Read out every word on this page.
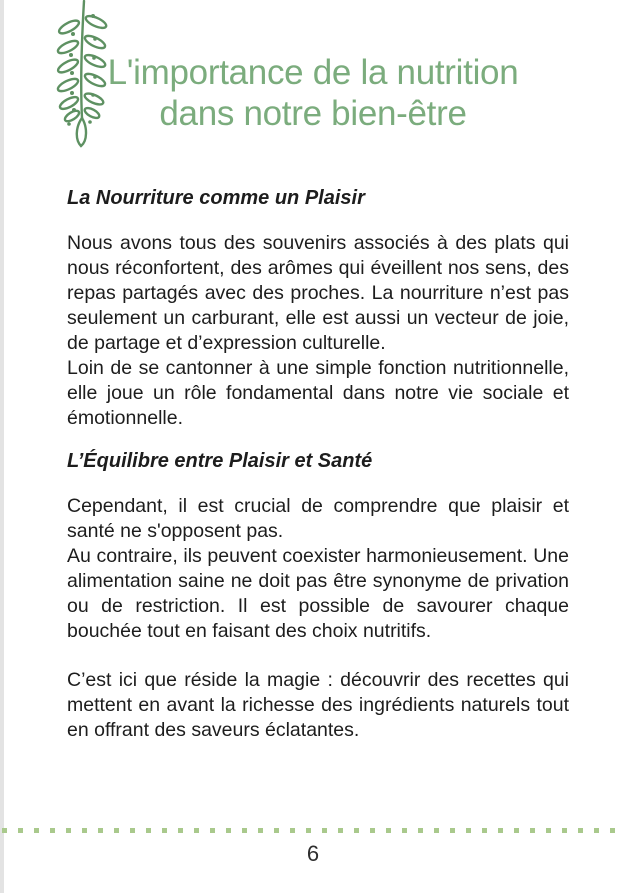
L'importance de la nutrition
dans notre bien-être
La Nourriture comme un Plaisir

Nous avons tous des souvenirs associés à des plats qui nous réconfortent, des arômes qui éveillent nos sens, des repas partagés avec des proches. La nourriture n’est pas seulement un carburant, elle est aussi un vecteur de joie, de partage et d’expression culturelle.

Loin de se cantonner à une simple fonction nutritionnelle, elle joue un rôle fondamental dans notre vie sociale et émotionnelle.

L’Équilibre entre Plaisir et Santé

Cependant, il est crucial de comprendre que plaisir et santé ne s'opposent pas.

Au contraire, ils peuvent coexister harmonieusement. Une alimentation saine ne doit pas être synonyme de privation ou de restriction. Il est possible de savourer chaque bouchée tout en faisant des choix nutritifs.

C’est ici que réside la magie : découvrir des recettes qui mettent en avant la richesse des ingrédients naturels tout en offrant des saveurs éclatantes.

6
